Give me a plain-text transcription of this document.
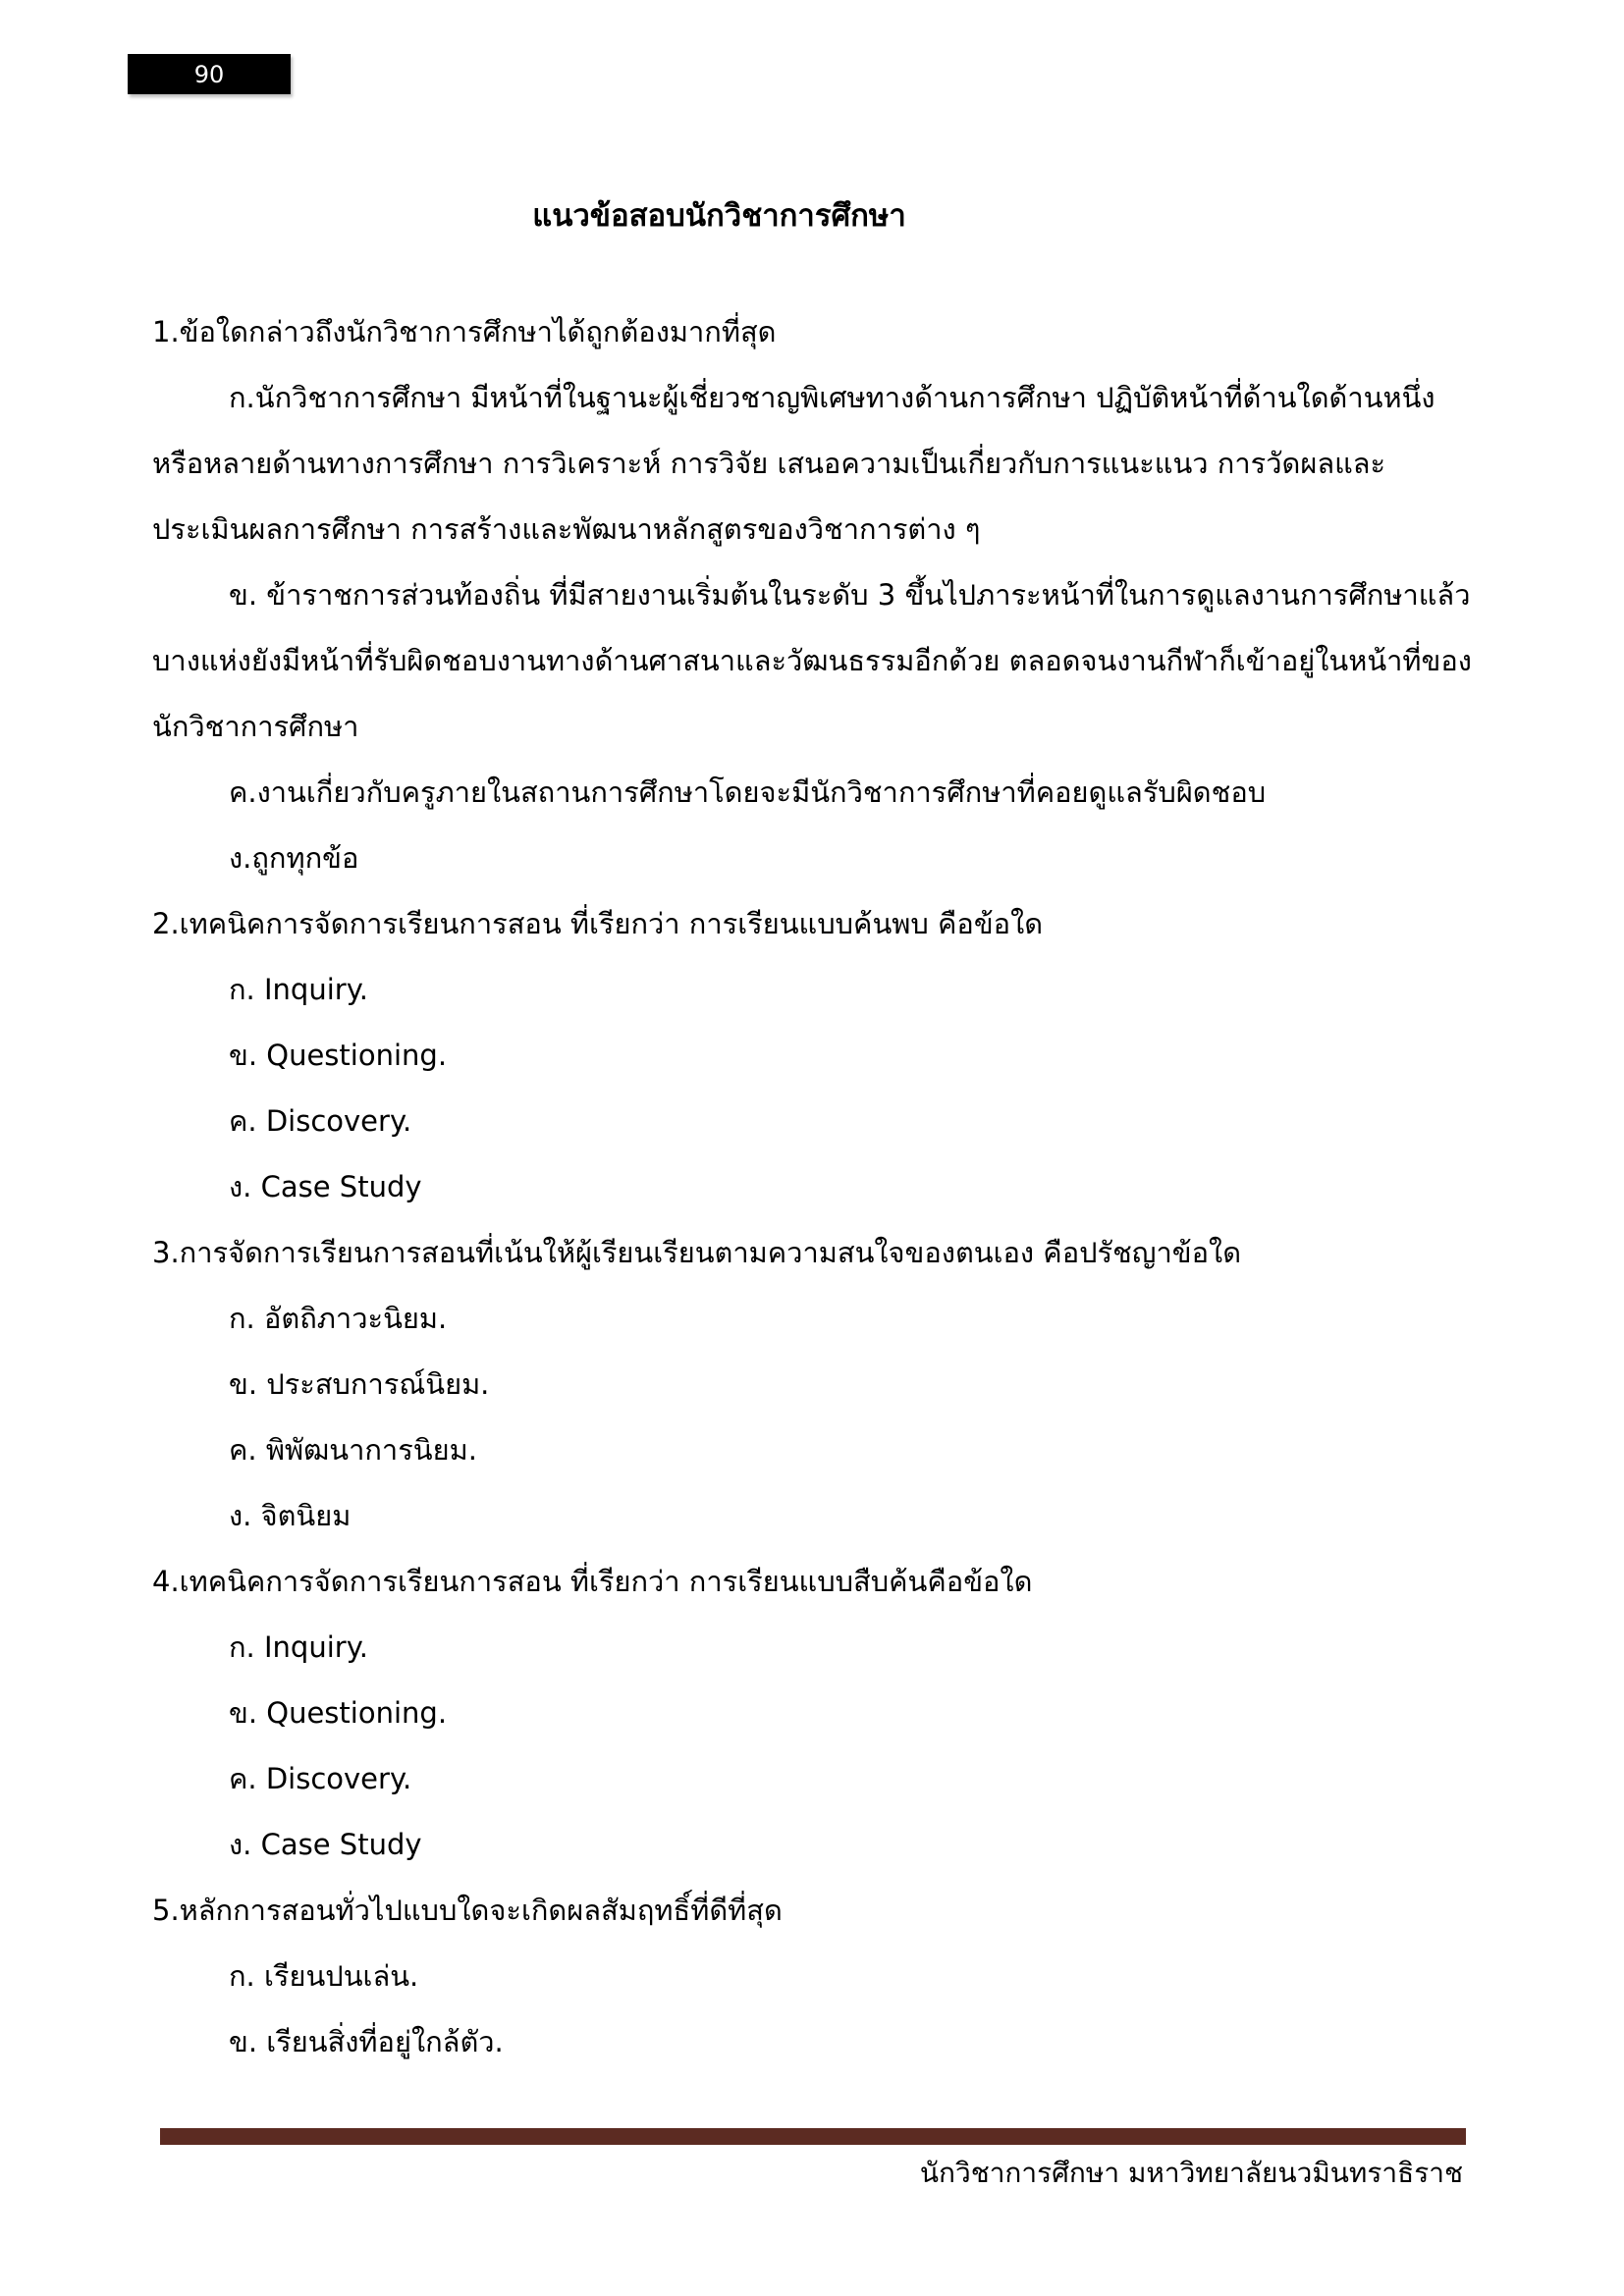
90
แนวข้อสอบนักวิชาการศึกษา

1.ข้อใดกล่าวถึงนักวิชาการศึกษาได้ถูกต้องมากที่สุด

ก.นักวิชาการศึกษา มีหน้าที่ในฐานะผู้เชี่ยวชาญพิเศษทางด้านการศึกษา ปฏิบัติหน้าที่ด้านใดด้านหนึ่งหรือหลายด้านทางการศึกษา การวิเคราะห์ การวิจัย เสนอความเป็นเกี่ยวกับการแนะแนว การวัดผลและประเมินผลการศึกษา การสร้างและพัฒนาหลักสูตรของวิชาการต่าง ๆ

ข. ข้าราชการส่วนท้องถิ่น ที่มีสายงานเริ่มต้นในระดับ 3 ขึ้นไปภาระหน้าที่ในการดูแลงานการศึกษาแล้วบางแห่งยังมีหน้าที่รับผิดชอบงานทางด้านศาสนาและวัฒนธรรมอีกด้วย ตลอดจนงานกีฬาก็เข้าอยู่ในหน้าที่ของนักวิชาการศึกษา

ค.งานเกี่ยวกับครูภายในสถานการศึกษาโดยจะมีนักวิชาการศึกษาที่คอยดูแลรับผิดชอบ

ง.ถูกทุกข้อ

2.เทคนิคการจัดการเรียนการสอน ที่เรียกว่า การเรียนแบบค้นพบ คือข้อใด

ก. Inquiry.

ข. Questioning.

ค. Discovery.

ง. Case Study

3.การจัดการเรียนการสอนที่เน้นให้ผู้เรียนเรียนตามความสนใจของตนเอง คือปรัชญาข้อใด

ก. อัตถิภาวะนิยม.

ข. ประสบการณ์นิยม.

ค. พิพัฒนาการนิยม.

ง. จิตนิยม

4.เทคนิคการจัดการเรียนการสอน ที่เรียกว่า การเรียนแบบสืบค้นคือข้อใด

ก. Inquiry.

ข. Questioning.

ค. Discovery.

ง. Case Study

5.หลักการสอนทั่วไปแบบใดจะเกิดผลสัมฤทธิ์ที่ดีที่สุด

ก. เรียนปนเล่น.

ข. เรียนสิ่งที่อยู่ใกล้ตัว.

นักวิชาการศึกษา มหาวิทยาลัยนวมินทราธิราช
